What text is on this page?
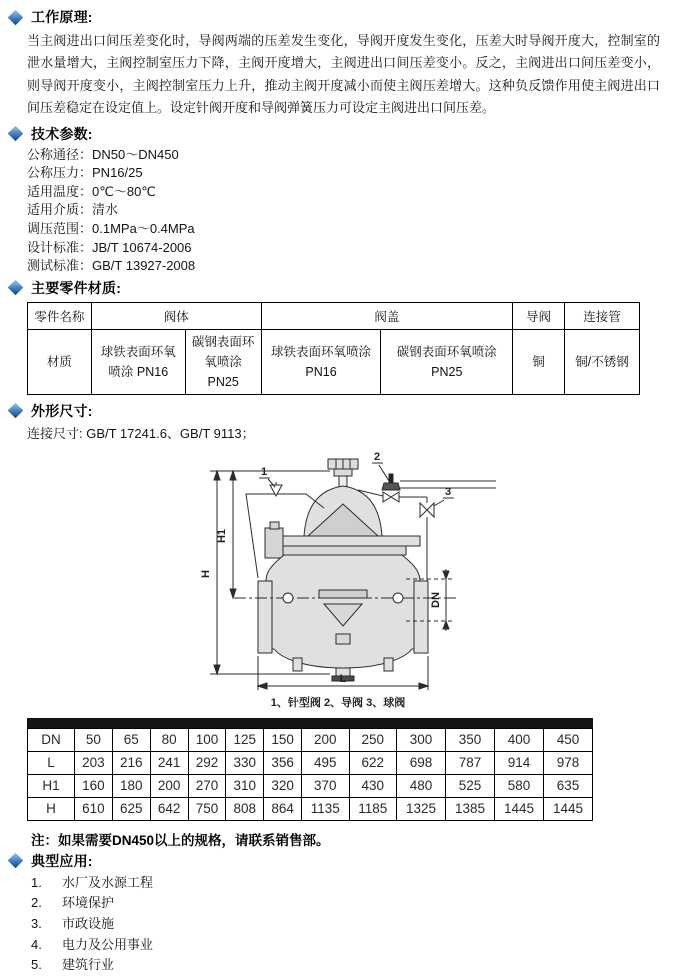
工作原理:
当主阀进出口间压差变化时，导阀两端的压差发生变化，导阀开度发生变化，压差大时导阀开度大，控制室的泄水量增大，主阀控制室压力下降，主阀开度增大，主阀进出口间压差变小。反之，主阀进出口间压差变小，则导阀开度变小，主阀控制室压力上升，推动主阀开度减小而使主阀压差增大。这种负反馈作用使主阀进出口间压差稳定在设定值上。设定针阀开度和导阀弹簧压力可设定主阀进出口间压差。
技术参数:
公称通径： DN50～DN450
公称压力： PN16/25
适用温度： 0℃～80℃
适用介质： 清水
调压范围： 0.1MPa～0.4MPa
设计标准： JB/T 10674-2006
测试标准： GB/T 13927-2008
主要零件材质:
零件名称	阀体		阀盖		导阀	连接管
材质	球铁表面环氧喷涂 PN16	碳钢表面环氧喷涂 PN25	球铁表面环氧喷涂 PN16	碳钢表面环氧喷涂 PN25	铜	铜/不锈钢
外形尺寸:
连接尺寸: GB/T 17241.6、GB/T 9113；
H
H1
DN
L
1
2
3
1、针型阀 2、导阀 3、球阀
DN	50	65	80	100	125	150	200	250	300	350	400	450
L	203	216	241	292	330	356	495	622	698	787	914	978
H1	160	180	200	270	310	320	370	430	480	525	580	635
H	610	625	642	750	808	864	1135	1185	1325	1385	1445	1445
注：如果需要DN450以上的规格，请联系销售部。
典型应用:
1.	水厂及水源工程
2.	环境保护
3.	市政设施
4.	电力及公用事业
5.	建筑行业
